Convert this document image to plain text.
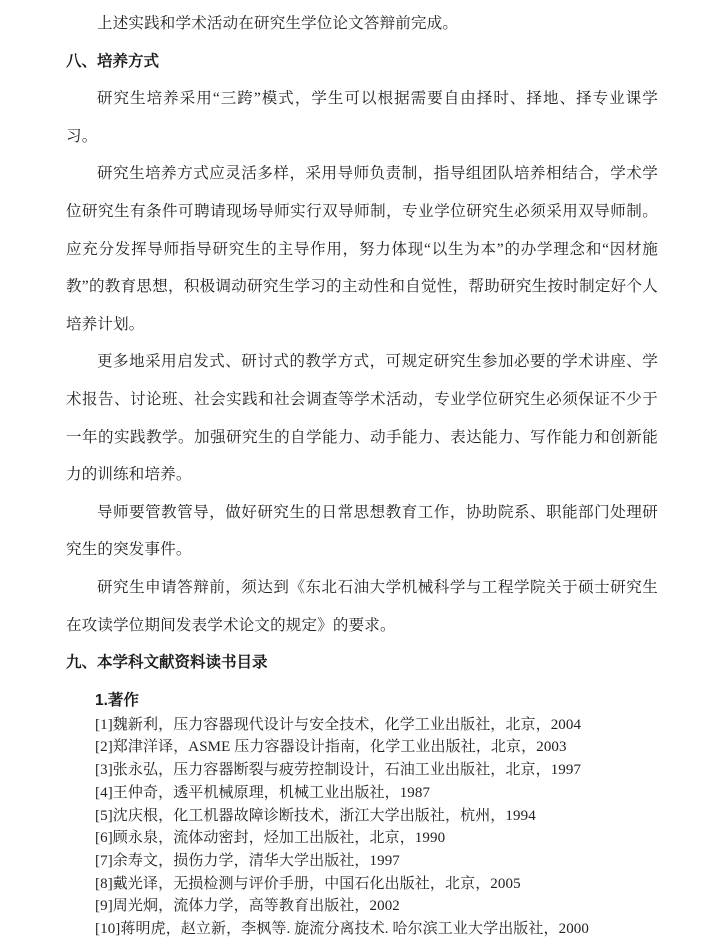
上述实践和学术活动在研究生学位论文答辩前完成。

八、培养方式

研究生培养采用“三跨”模式，学生可以根据需要自由择时、择地、择专业课学习。

研究生培养方式应灵活多样，采用导师负责制，指导组团队培养相结合，学术学位研究生有条件可聘请现场导师实行双导师制，专业学位研究生必须采用双导师制。应充分发挥导师指导研究生的主导作用，努力体现“以生为本”的办学理念和“因材施教”的教育思想，积极调动研究生学习的主动性和自觉性，帮助研究生按时制定好个人培养计划。

更多地采用启发式、研讨式的教学方式，可规定研究生参加必要的学术讲座、学术报告、讨论班、社会实践和社会调查等学术活动，专业学位研究生必须保证不少于一年的实践教学。加强研究生的自学能力、动手能力、表达能力、写作能力和创新能力的训练和培养。

导师要管教管导，做好研究生的日常思想教育工作，协助院系、职能部门处理研究生的突发事件。

研究生申请答辩前，须达到《东北石油大学机械科学与工程学院关于硕士研究生在攻读学位期间发表学术论文的规定》的要求。

九、本学科文献资料读书目录
1.著作

[1]魏新利，压力容器现代设计与安全技术，化学工业出版社，北京，2004

[2]郑津洋译，ASME 压力容器设计指南，化学工业出版社，北京，2003

[3]张永弘，压力容器断裂与疲劳控制设计，石油工业出版社，北京，1997

[4]王仲奇，透平机械原理，机械工业出版社，1987

[5]沈庆根，化工机器故障诊断技术，浙江大学出版社，杭州，1994

[6]顾永泉，流体动密封，烃加工出版社，北京，1990

[7]余寿文，损伤力学，清华大学出版社，1997

[8]戴光译，无损检测与评价手册，中国石化出版社，北京，2005

[9]周光炯，流体力学，高等教育出版社，2002

[10]蒋明虎，赵立新，李枫等. 旋流分离技术. 哈尔滨工业大学出版社，2000
